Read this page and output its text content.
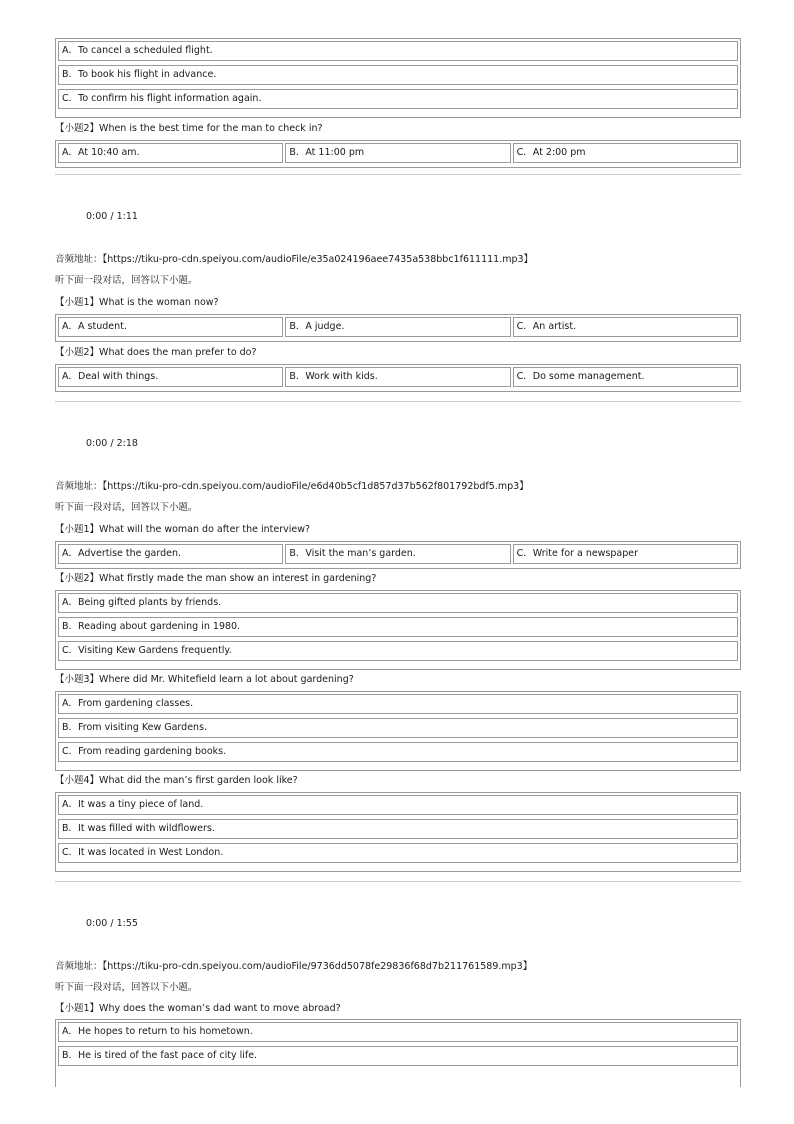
A．To cancel a scheduled flight.
B．To book his flight in advance.
C．To confirm his flight information again.
【小题2】When is the best time for the man to check in?
A．At 10:40 am.	B．At 11:00 pm	C．At 2:00 pm
0:00 / 1:11
音频地址：【https://tiku-pro-cdn.speiyou.com/audioFile/e35a024196aee7435a538bbc1f611111.mp3】
听下面一段对话，回答以下小题。
【小题1】What is the woman now?
A．A student.	B．A judge.	C．An artist.
【小题2】What does the man prefer to do?
A．Deal with things.	B．Work with kids.	C．Do some management.
0:00 / 2:18
音频地址：【https://tiku-pro-cdn.speiyou.com/audioFile/e6d40b5cf1d857d37b562f801792bdf5.mp3】
听下面一段对话，回答以下小题。
【小题1】What will the woman do after the interview?
A．Advertise the garden.	B．Visit the man’s garden.	C．Write for a newspaper
【小题2】What firstly made the man show an interest in gardening?
A．Being gifted plants by friends.
B．Reading about gardening in 1980.
C．Visiting Kew Gardens frequently.
【小题3】Where did Mr. Whitefield learn a lot about gardening?
A．From gardening classes.
B．From visiting Kew Gardens.
C．From reading gardening books.
【小题4】What did the man’s first garden look like?
A．It was a tiny piece of land.
B．It was filled with wildflowers.
C．It was located in West London.
0:00 / 1:55
音频地址：【https://tiku-pro-cdn.speiyou.com/audioFile/9736dd5078fe29836f68d7b211761589.mp3】
听下面一段对话，回答以下小题。
【小题1】Why does the woman’s dad want to move abroad?
A．He hopes to return to his hometown.
B．He is tired of the fast pace of city life.
